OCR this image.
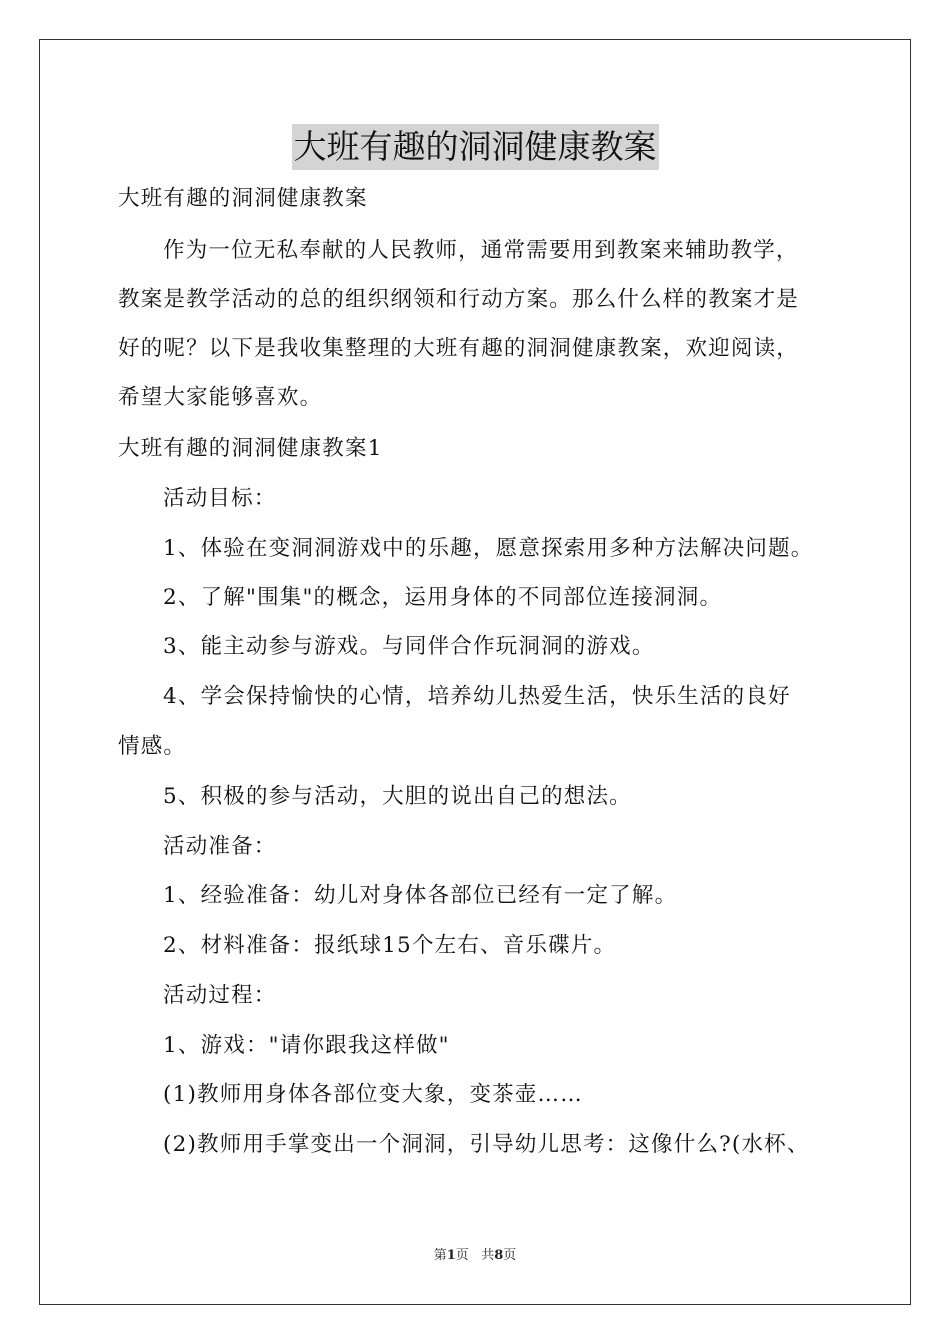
大班有趣的洞洞健康教案
大班有趣的洞洞健康教案
作为一位无私奉献的人民教师，通常需要用到教案来辅助教学，
教案是教学活动的总的组织纲领和行动方案。那么什么样的教案才是
好的呢？以下是我收集整理的大班有趣的洞洞健康教案，欢迎阅读，
希望大家能够喜欢。
大班有趣的洞洞健康教案1
活动目标：
1、体验在变洞洞游戏中的乐趣，愿意探索用多种方法解决问题。
2、了解"围集"的概念，运用身体的不同部位连接洞洞。
3、能主动参与游戏。与同伴合作玩洞洞的游戏。
4、学会保持愉快的心情，培养幼儿热爱生活，快乐生活的良好
情感。
5、积极的参与活动，大胆的说出自己的想法。
活动准备：
1、经验准备：幼儿对身体各部位已经有一定了解。
2、材料准备：报纸球15个左右、音乐碟片。
活动过程：
1、游戏："请你跟我这样做"
(1)教师用身体各部位变大象，变茶壶……
(2)教师用手掌变出一个洞洞，引导幼儿思考：这像什么?(水杯、
第1页 共8页
